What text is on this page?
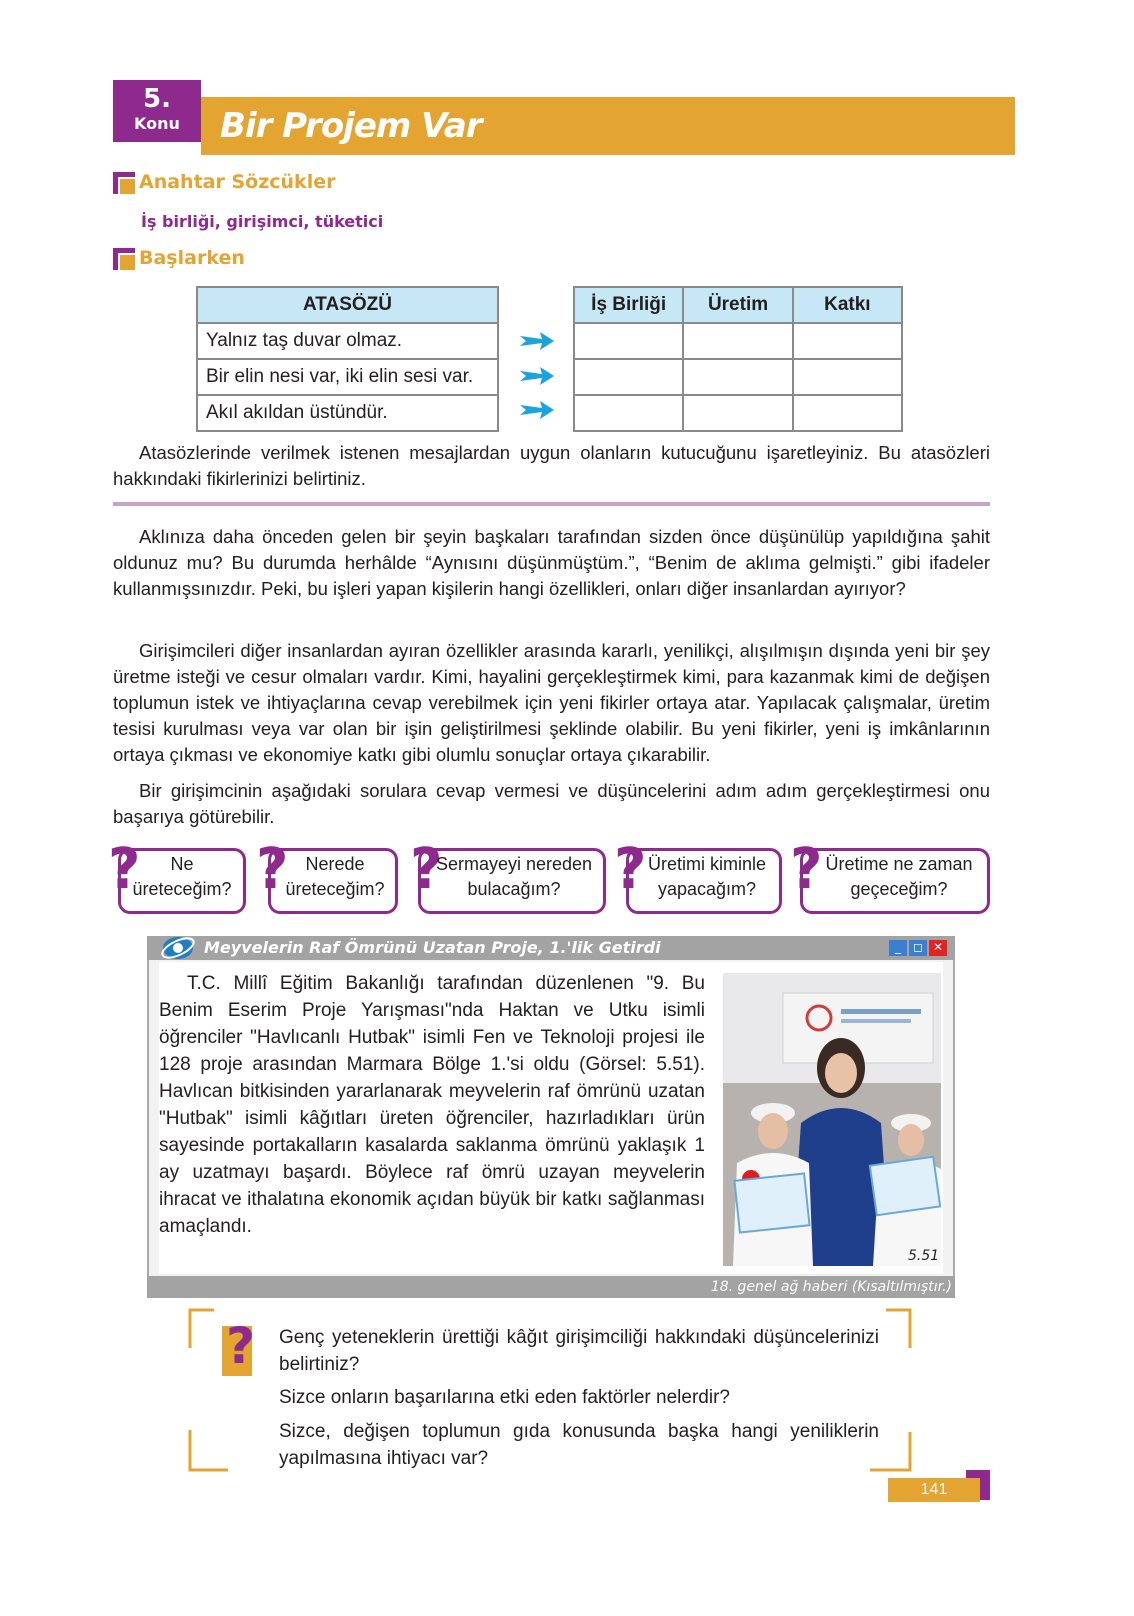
5.
Konu	Bir Projem Var
Anahtar Sözcükler
İş birliği, girişimci, tüketici
Başlarken
ATASÖZÜ
Yalnız taş duvar olmaz.
Bir elin nesi var, iki elin sesi var.
Akıl akıldan üstündür.
İş Birliği	Üretim	Katkı

Atasözlerinde verilmek istenen mesajlardan uygun olanların kutucuğunu işaretleyiniz. Bu atasözleri hakkındaki fikirlerinizi belirtiniz.
Aklınıza daha önceden gelen bir şeyin başkaları tarafından sizden önce düşünülüp yapıldığına şahit oldunuz mu? Bu durumda herhâlde “Aynısını düşünmüştüm.”, “Benim de aklıma gelmişti.” gibi ifadeler kullanmışsınızdır. Peki, bu işleri yapan kişilerin hangi özellikleri, onları diğer insanlardan ayırıyor?
Girişimcileri diğer insanlardan ayıran özellikler arasında kararlı, yenilikçi, alışılmışın dışında yeni bir şey üretme isteği ve cesur olmaları vardır. Kimi, hayalini gerçekleştirmek kimi, para kazanmak kimi de değişen toplumun istek ve ihtiyaçlarına cevap verebilmek için yeni fikirler ortaya atar. Yapılacak çalışmalar, üretim tesisi kurulması veya var olan bir işin geliştirilmesi şeklinde olabilir. Bu yeni fikirler, yeni iş imkânlarının ortaya çıkması ve ekonomiye katkı gibi olumlu sonuçlar ortaya çıkarabilir.
Bir girişimcinin aşağıdaki sorulara cevap vermesi ve düşüncelerini adım adım gerçekleştirmesi onu başarıya götürebilir.
?	Ne
üreteceğim? ? Nerede
üreteceğim? ?
Sermayeyi nereden
bulacağım? ? Üretimi kiminle
yapacağım? ? Üretime ne zaman
geçeceğim?
Meyvelerin Raf Ömrünü Uzatan Proje, 1.'lik Getirdi	_	◻ ✕
T.C. Millî Eğitim Bakanlığı tarafından düzenlenen "9. Bu Benim Eserim Proje Yarışması"nda Haktan ve Utku isimli öğrenciler "Havlıcanlı Hutbak" isimli Fen ve Teknoloji projesi ile 128 proje arasından Marmara Bölge 1.'si oldu (Görsel: 5.51). Havlıcan bitkisinden yararlanarak meyvelerin raf ömrünü uzatan "Hutbak" isimli kâğıtları üreten öğrenciler, hazırladıkları ürün sayesinde portakalların kasalarda saklanma ömrünü yaklaşık 1 ay uzatmayı başardı. Böylece raf ömrü uzayan meyvelerin ihracat ve ithalatına ekonomik açıdan büyük bir katkı sağlanması amaçlandı.
5.51
18. genel ağ haberi (Kısaltılmıştır.)
? Genç yeteneklerin ürettiği kâğıt girişimciliği hakkındaki düşüncelerinizi belirtiniz?
Sizce onların başarılarına etki eden faktörler nelerdir?
Sizce, değişen toplumun gıda konusunda başka hangi yeniliklerin yapılmasına ihtiyacı var?
141
